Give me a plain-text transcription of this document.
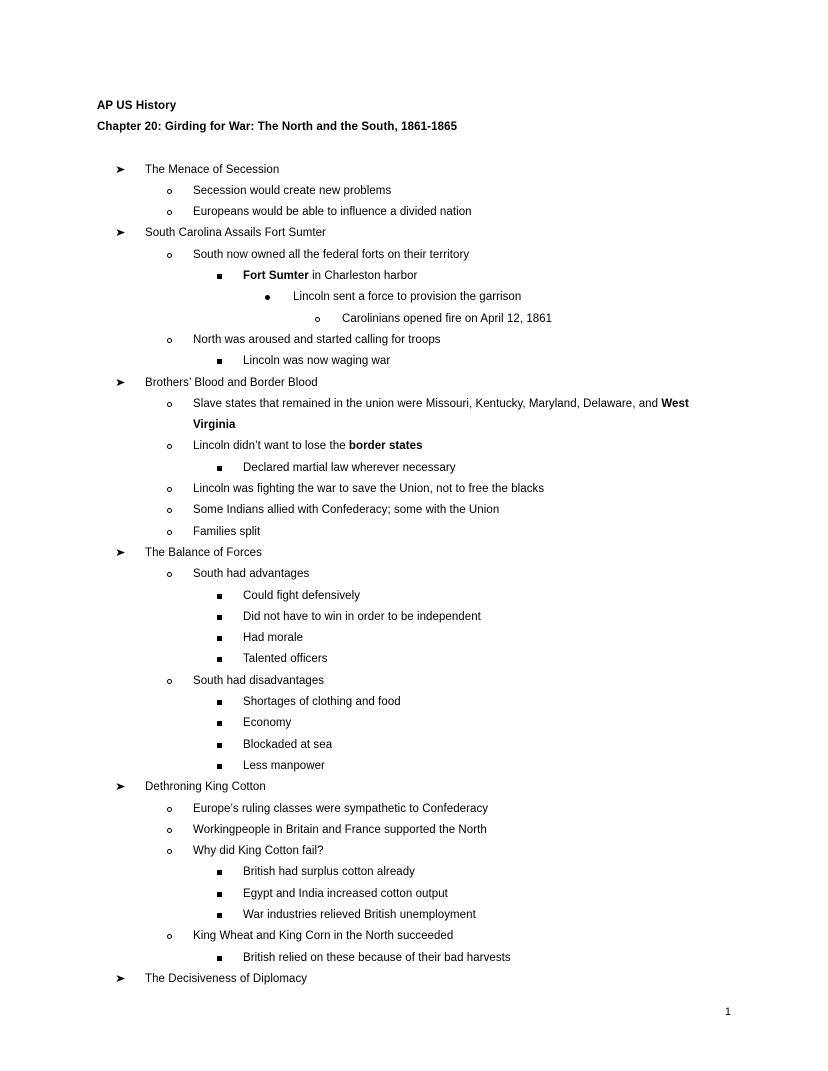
AP US History
Chapter 20: Girding for War: The North and the South, 1861-1865
➤ The Menace of Secession
Secession would create new problems
Europeans would be able to influence a divided nation
➤ South Carolina Assails Fort Sumter
South now owned all the federal forts on their territory
Fort Sumter in Charleston harbor
Lincoln sent a force to provision the garrison
Carolinians opened fire on April 12, 1861
North was aroused and started calling for troops
Lincoln was now waging war
➤ Brothers’ Blood and Border Blood
Slave states that remained in the union were Missouri, Kentucky, Maryland, Delaware, and West Virginia
Lincoln didn’t want to lose the border states
Declared martial law wherever necessary
Lincoln was fighting the war to save the Union, not to free the blacks
Some Indians allied with Confederacy; some with the Union
Families split
➤ The Balance of Forces
South had advantages
Could fight defensively
Did not have to win in order to be independent
Had morale
Talented officers
South had disadvantages
Shortages of clothing and food
Economy
Blockaded at sea
Less manpower
➤ Dethroning King Cotton
Europe’s ruling classes were sympathetic to Confederacy
Workingpeople in Britain and France supported the North
Why did King Cotton fail?
British had surplus cotton already
Egypt and India increased cotton output
War industries relieved British unemployment
King Wheat and King Corn in the North succeeded
British relied on these because of their bad harvests
➤ The Decisiveness of Diplomacy
1
